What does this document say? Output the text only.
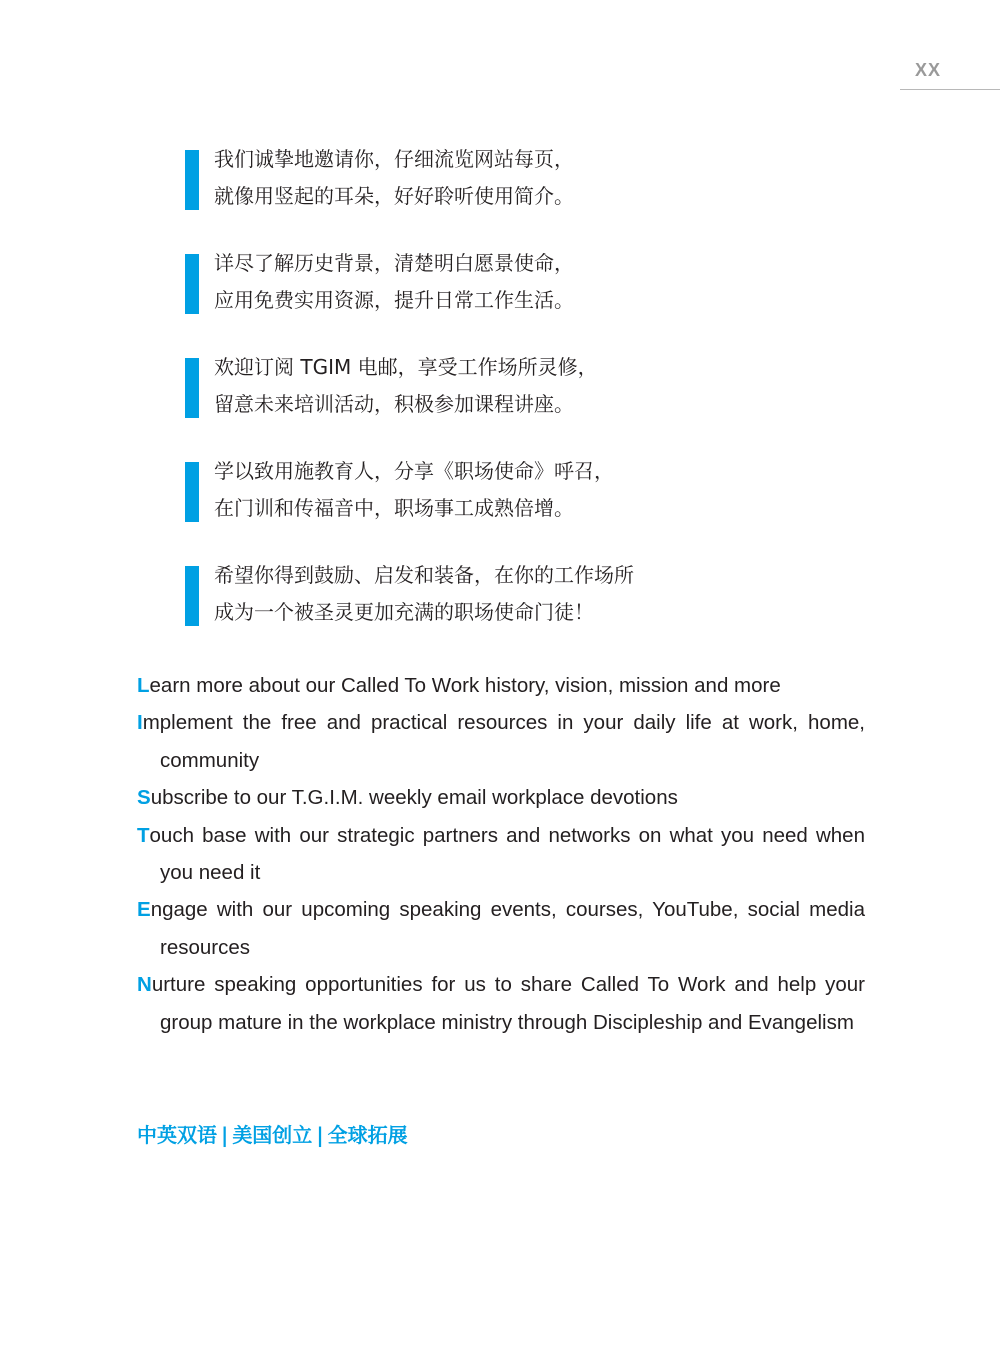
XX
我们诚挚地邀请你，仔细流览网站每页，
就像用竖起的耳朵，好好聆听使用简介。
详尽了解历史背景，清楚明白愿景使命，
应用免费实用资源，提升日常工作生活。
欢迎订阅 TGIM 电邮，享受工作场所灵修，
留意未来培训活动，积极参加课程讲座。
学以致用施教育人，分享《职场使命》呼召，
在门训和传福音中，职场事工成熟倍增。
希望你得到鼓励、启发和装备，在你的工作场所
成为一个被圣灵更加充满的职场使命门徒！
Learn more about our Called To Work history, vision, mission and more
Implement the free and practical resources in your daily life at work, home, community
Subscribe to our T.G.I.M. weekly email workplace devotions
Touch base with our strategic partners and networks on what you need when you need it
Engage with our upcoming speaking events, courses, YouTube, social media resources
Nurture speaking opportunities for us to share Called To Work and help your group mature in the workplace ministry through Discipleship and Evangelism
中英双语 | 美国创立 | 全球拓展
